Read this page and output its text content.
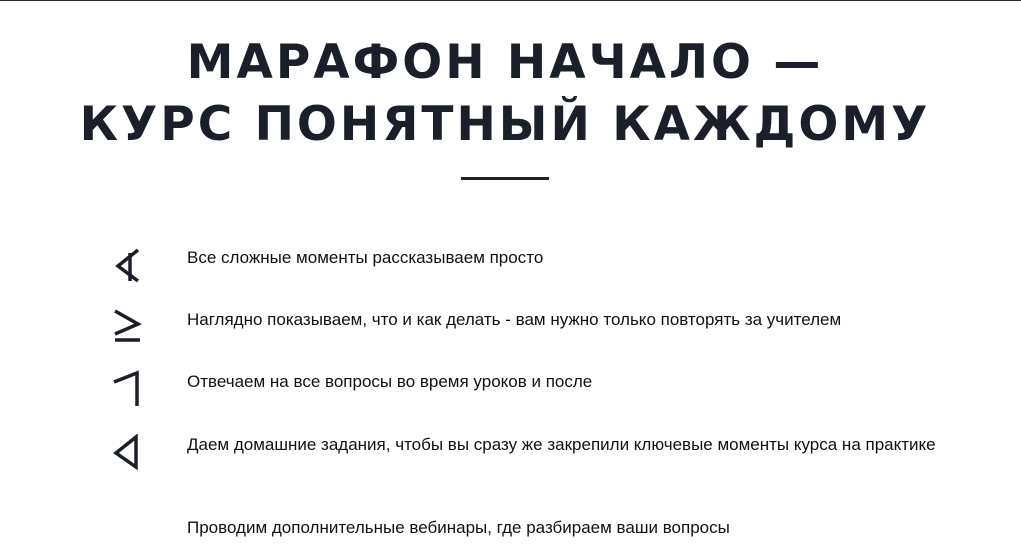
МАРАФОН НАЧАЛО —
КУРС ПОНЯТНЫЙ КАЖДОМУ
Все сложные моменты рассказываем просто
Наглядно показываем, что и как делать - вам нужно только повторять за учителем
Отвечаем на все вопросы во время уроков и после
Даем домашние задания, чтобы вы сразу же закрепили ключевые моменты курса на практике
Проводим дополнительные вебинары, где разбираем ваши вопросы
